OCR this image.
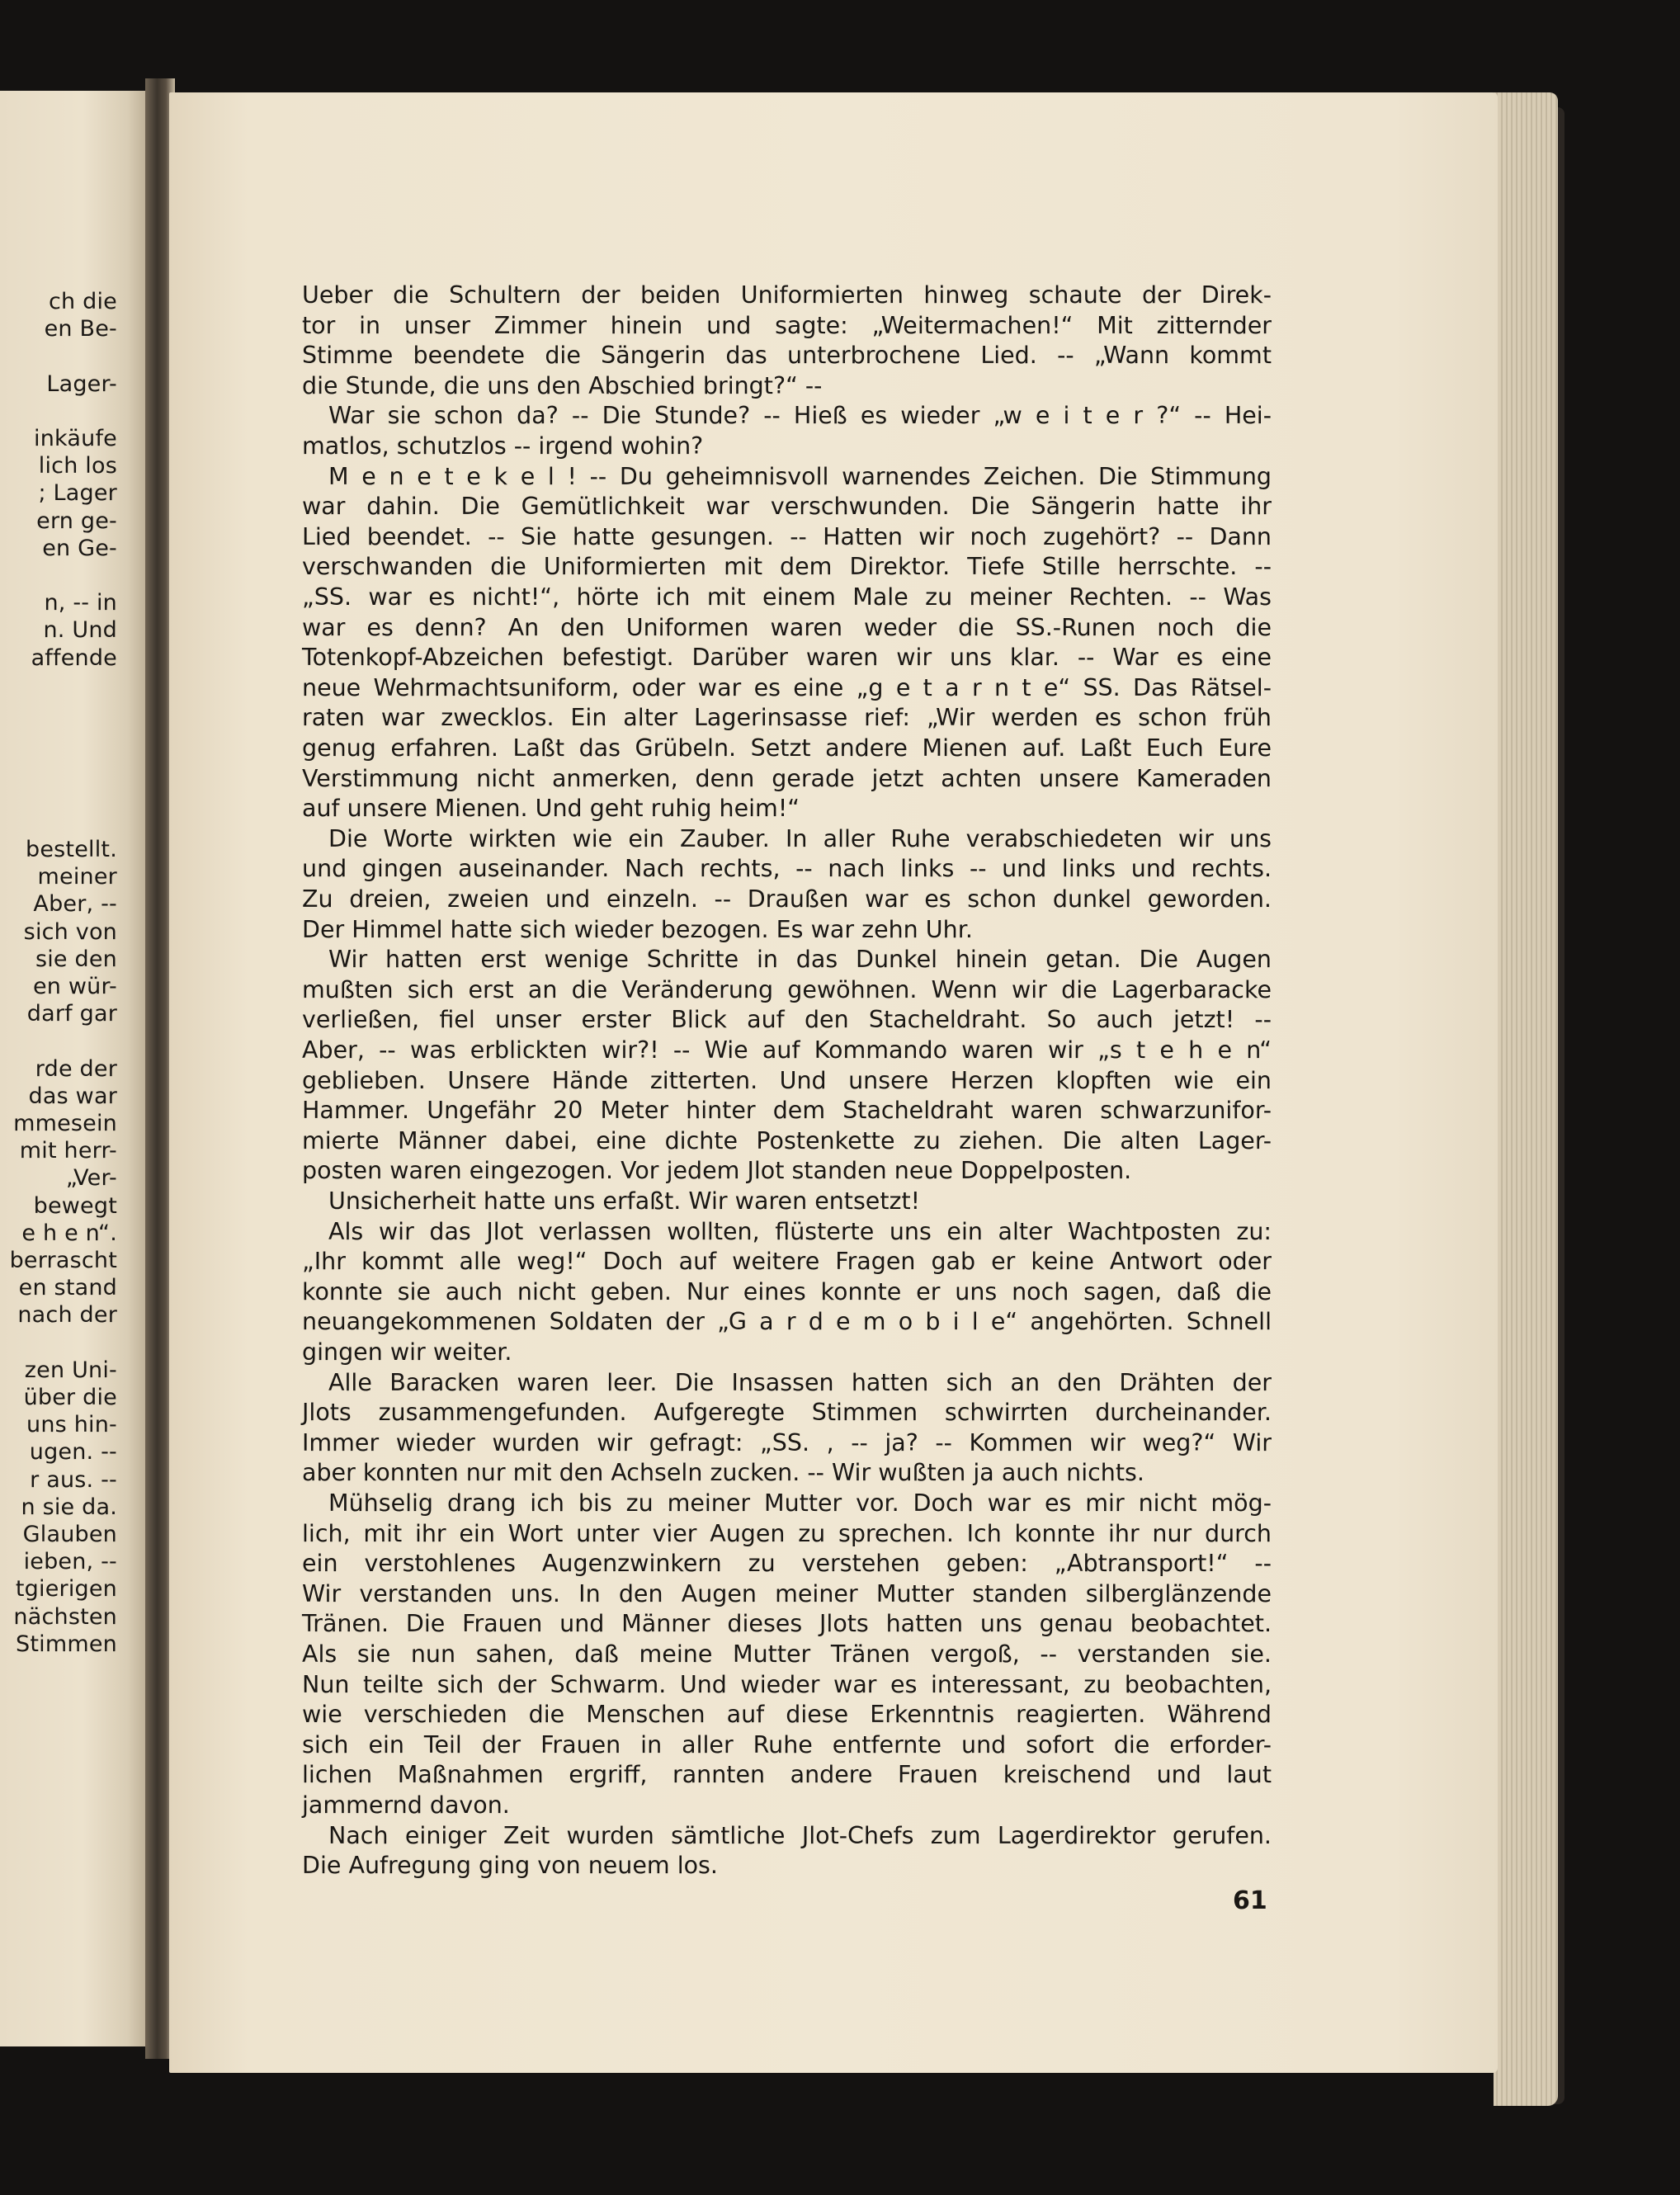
ch die
en Be-
Lager-
inkäufe
lich los
; Lager
ern ge-
en Ge-
n, -- in
n. Und
affende
bestellt.
meiner
Aber, --
sich von
sie den
en wür-
darf gar
rde der
das war
mmesein
mit herr-
„Ver-
bewegt
e h e n“.
berrascht
en stand
nach der
zen Uni-
über die
uns hin-
ugen. --
r aus. --
n sie da.
Glauben
ieben, --
tgierigen
nächsten
Stimmen
Ueber die Schultern der beiden Uniformierten hinweg schaute der Direk-
tor in unser Zimmer hinein und sagte: „Weitermachen!“ Mit zitternder
Stimme beendete die Sängerin das unterbrochene Lied. -- „Wann kommt
die Stunde, die uns den Abschied bringt?“ --
War sie schon da? -- Die Stunde? -- Hieß es wieder „w e i t e r ?“ -- Hei-
matlos, schutzlos -- irgend wohin?
M e n e t e k e l ! -- Du geheimnisvoll warnendes Zeichen. Die Stimmung
war dahin. Die Gemütlichkeit war verschwunden. Die Sängerin hatte ihr
Lied beendet. -- Sie hatte gesungen. -- Hatten wir noch zugehört? -- Dann
verschwanden die Uniformierten mit dem Direktor. Tiefe Stille herrschte. --
„SS. war es nicht!“, hörte ich mit einem Male zu meiner Rechten. -- Was
war es denn? An den Uniformen waren weder die SS.-Runen noch die
Totenkopf-Abzeichen befestigt. Darüber waren wir uns klar. -- War es eine
neue Wehrmachtsuniform, oder war es eine „g e t a r n t e“ SS. Das Rätsel-
raten war zwecklos. Ein alter Lagerinsasse rief: „Wir werden es schon früh
genug erfahren. Laßt das Grübeln. Setzt andere Mienen auf. Laßt Euch Eure
Verstimmung nicht anmerken, denn gerade jetzt achten unsere Kameraden
auf unsere Mienen. Und geht ruhig heim!“
Die Worte wirkten wie ein Zauber. In aller Ruhe verabschiedeten wir uns
und gingen auseinander. Nach rechts, -- nach links -- und links und rechts.
Zu dreien, zweien und einzeln. -- Draußen war es schon dunkel geworden.
Der Himmel hatte sich wieder bezogen. Es war zehn Uhr.
Wir hatten erst wenige Schritte in das Dunkel hinein getan. Die Augen
mußten sich erst an die Veränderung gewöhnen. Wenn wir die Lagerbaracke
verließen, fiel unser erster Blick auf den Stacheldraht. So auch jetzt! --
Aber, -- was erblickten wir?! -- Wie auf Kommando waren wir „s t e h e n“
geblieben. Unsere Hände zitterten. Und unsere Herzen klopften wie ein
Hammer. Ungefähr 20 Meter hinter dem Stacheldraht waren schwarzunifor-
mierte Männer dabei, eine dichte Postenkette zu ziehen. Die alten Lager-
posten waren eingezogen. Vor jedem Jlot standen neue Doppelposten.
Unsicherheit hatte uns erfaßt. Wir waren entsetzt!
Als wir das Jlot verlassen wollten, flüsterte uns ein alter Wachtposten zu:
„Ihr kommt alle weg!“ Doch auf weitere Fragen gab er keine Antwort oder
konnte sie auch nicht geben. Nur eines konnte er uns noch sagen, daß die
neuangekommenen Soldaten der „G a r d e m o b i l e“ angehörten. Schnell
gingen wir weiter.
Alle Baracken waren leer. Die Insassen hatten sich an den Drähten der
Jlots zusammengefunden. Aufgeregte Stimmen schwirrten durcheinander.
Immer wieder wurden wir gefragt: „SS. , -- ja? -- Kommen wir weg?“ Wir
aber konnten nur mit den Achseln zucken. -- Wir wußten ja auch nichts.
Mühselig drang ich bis zu meiner Mutter vor. Doch war es mir nicht mög-
lich, mit ihr ein Wort unter vier Augen zu sprechen. Ich konnte ihr nur durch
ein verstohlenes Augenzwinkern zu verstehen geben: „Abtransport!“ --
Wir verstanden uns. In den Augen meiner Mutter standen silberglänzende
Tränen. Die Frauen und Männer dieses Jlots hatten uns genau beobachtet.
Als sie nun sahen, daß meine Mutter Tränen vergoß, -- verstanden sie.
Nun teilte sich der Schwarm. Und wieder war es interessant, zu beobachten,
wie verschieden die Menschen auf diese Erkenntnis reagierten. Während
sich ein Teil der Frauen in aller Ruhe entfernte und sofort die erforder-
lichen Maßnahmen ergriff, rannten andere Frauen kreischend und laut
jammernd davon.
Nach einiger Zeit wurden sämtliche Jlot-Chefs zum Lagerdirektor gerufen.
Die Aufregung ging von neuem los.
61
